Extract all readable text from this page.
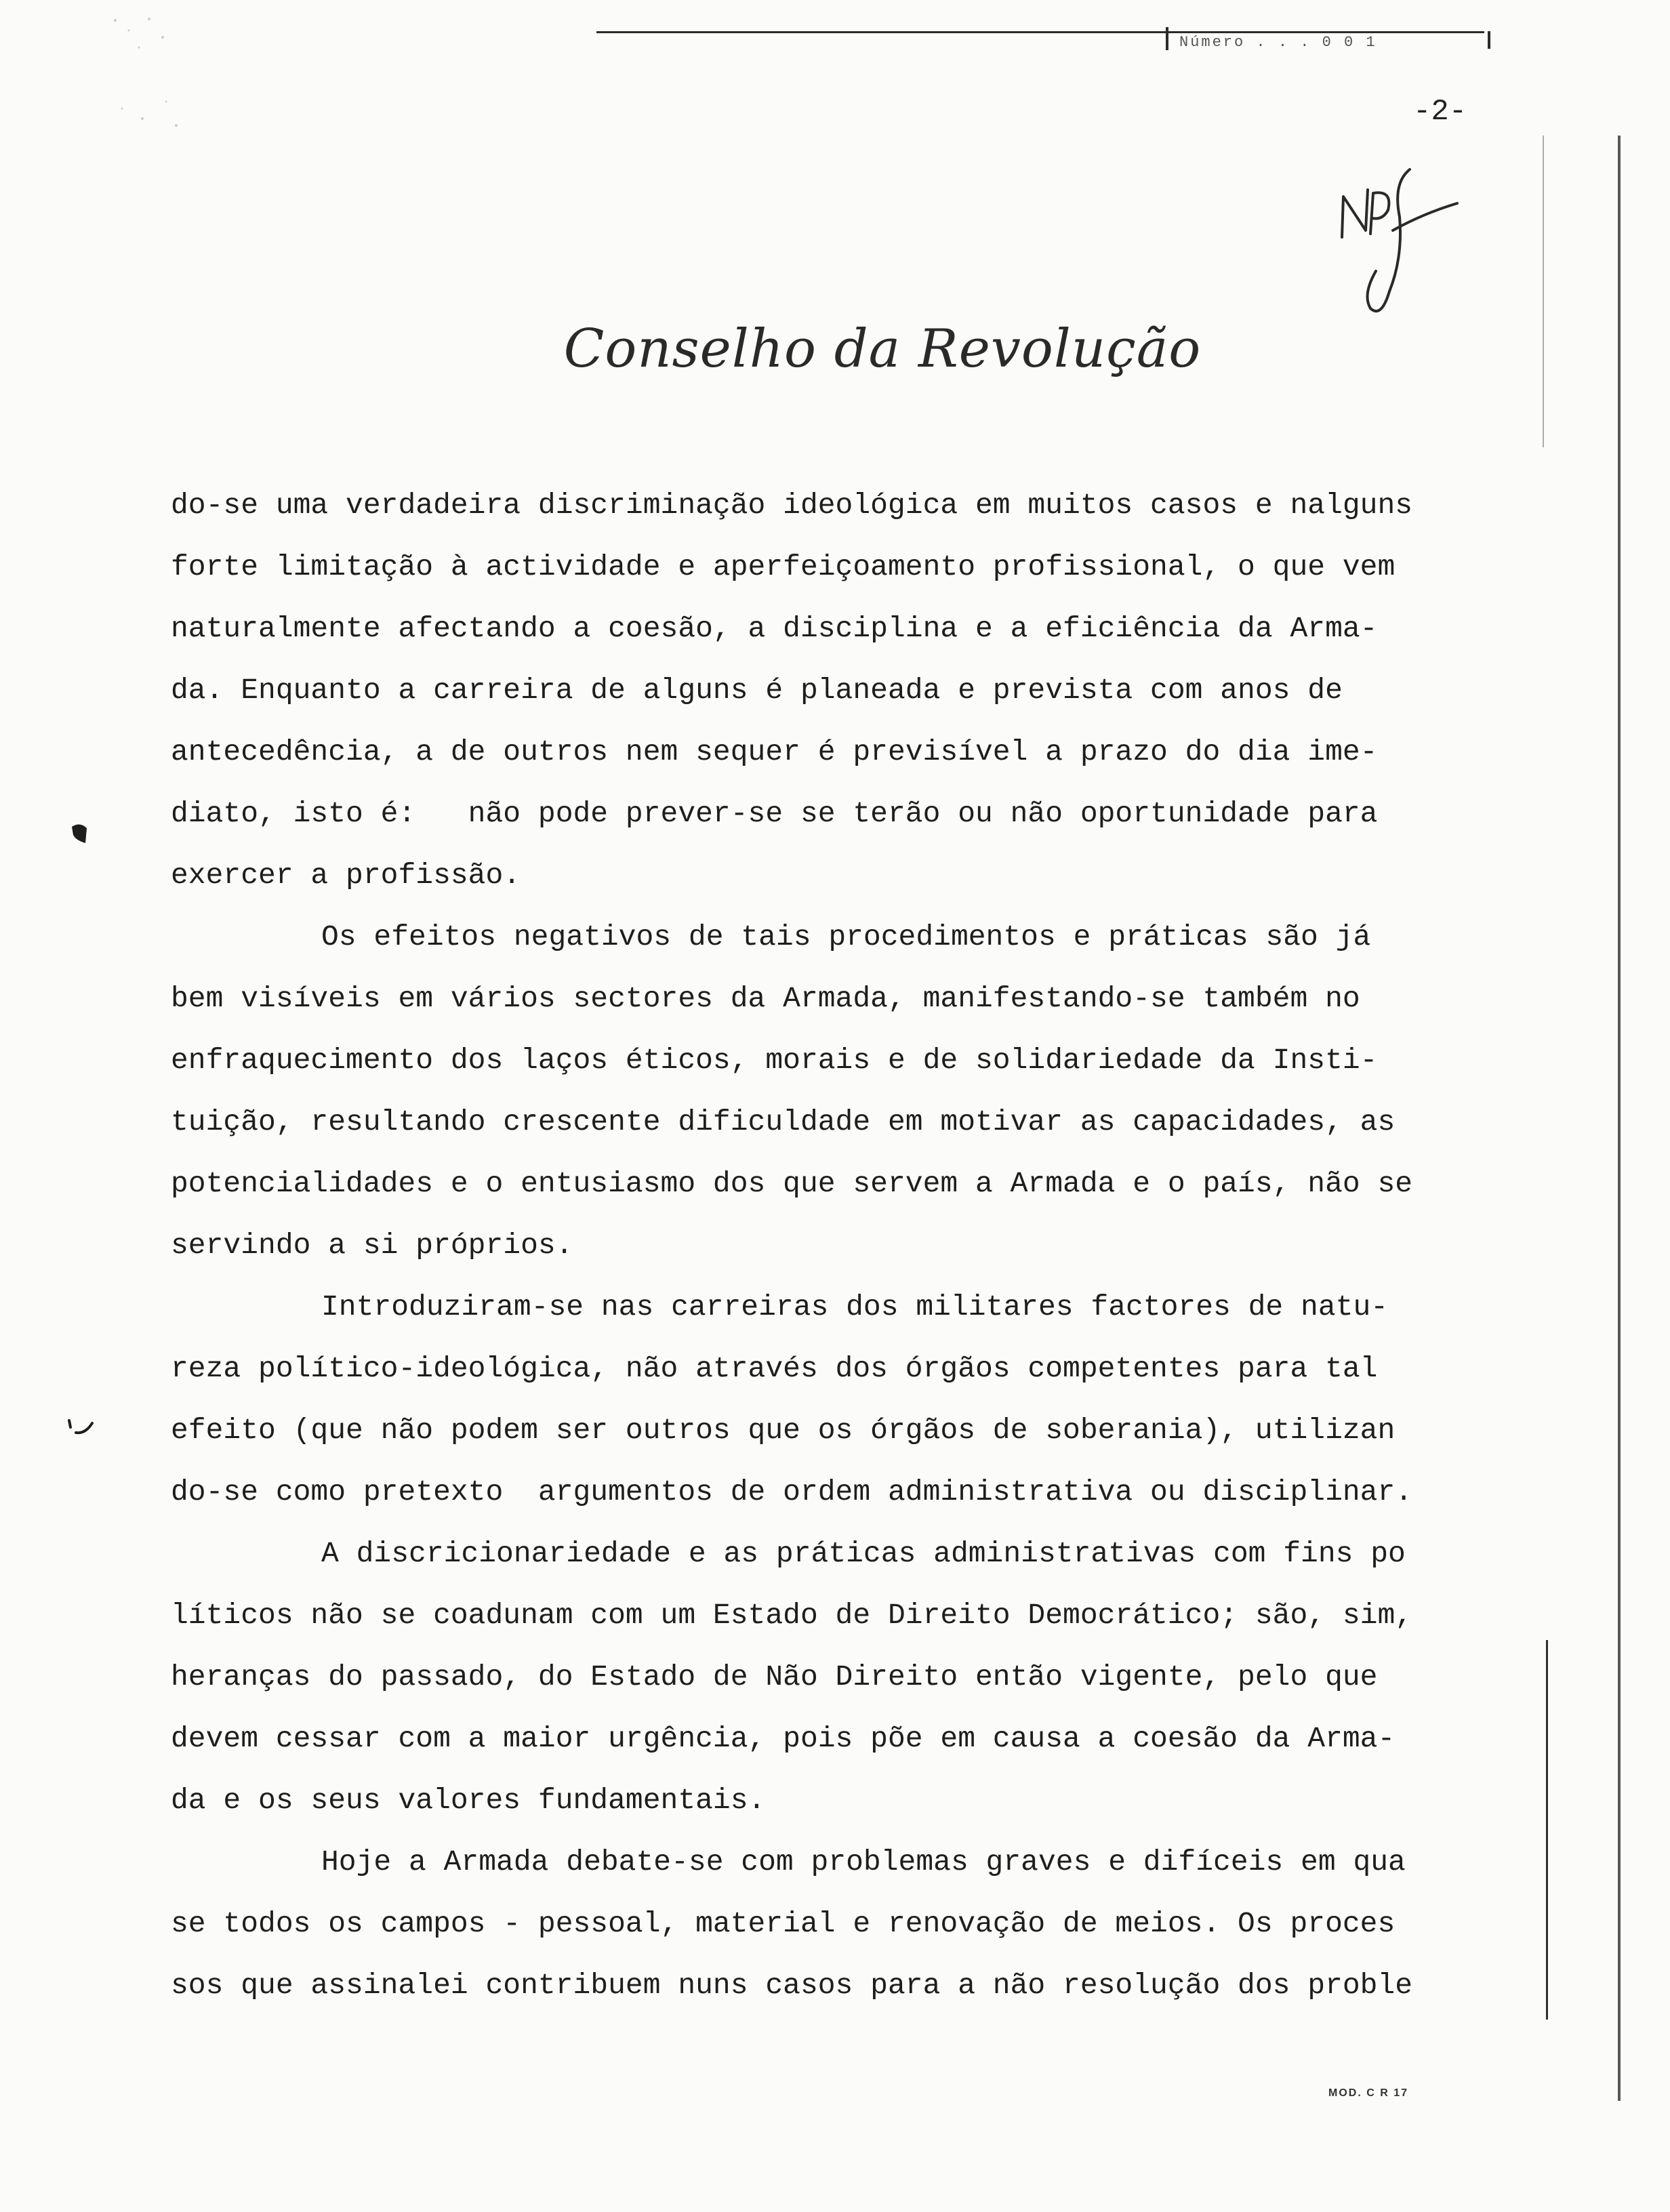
Número . . . 0 0 1
-2-
Conselho da Revolução
do-se uma verdadeira discriminação ideológica em muitos casos e nalguns
forte limitação à actividade e aperfeiçoamento profissional, o que vem
naturalmente afectando a coesão, a disciplina e a eficiência da Arma-
da. Enquanto a carreira de alguns é planeada e prevista com anos de
antecedência, a de outros nem sequer é previsível a prazo do dia ime-
diato, isto é:   não pode prever-se se terão ou não oportunidade para
exercer a profissão.
Os efeitos negativos de tais procedimentos e práticas são já
bem visíveis em vários sectores da Armada, manifestando-se também no
enfraquecimento dos laços éticos, morais e de solidariedade da Insti-
tuição, resultando crescente dificuldade em motivar as capacidades, as
potencialidades e o entusiasmo dos que servem a Armada e o país, não se
servindo a si próprios.
Introduziram-se nas carreiras dos militares factores de natu-
reza político-ideológica, não através dos órgãos competentes para tal
efeito (que não podem ser outros que os órgãos de soberania), utilizan
do-se como pretexto  argumentos de ordem administrativa ou disciplinar.
A discricionariedade e as práticas administrativas com fins po
líticos não se coadunam com um Estado de Direito Democrático; são, sim,
heranças do passado, do Estado de Não Direito então vigente, pelo que
devem cessar com a maior urgência, pois põe em causa a coesão da Arma-
da e os seus valores fundamentais.
Hoje a Armada debate-se com problemas graves e difíceis em qua
se todos os campos - pessoal, material e renovação de meios. Os proces
sos que assinalei contribuem nuns casos para a não resolução dos proble
MOD. C R 17
